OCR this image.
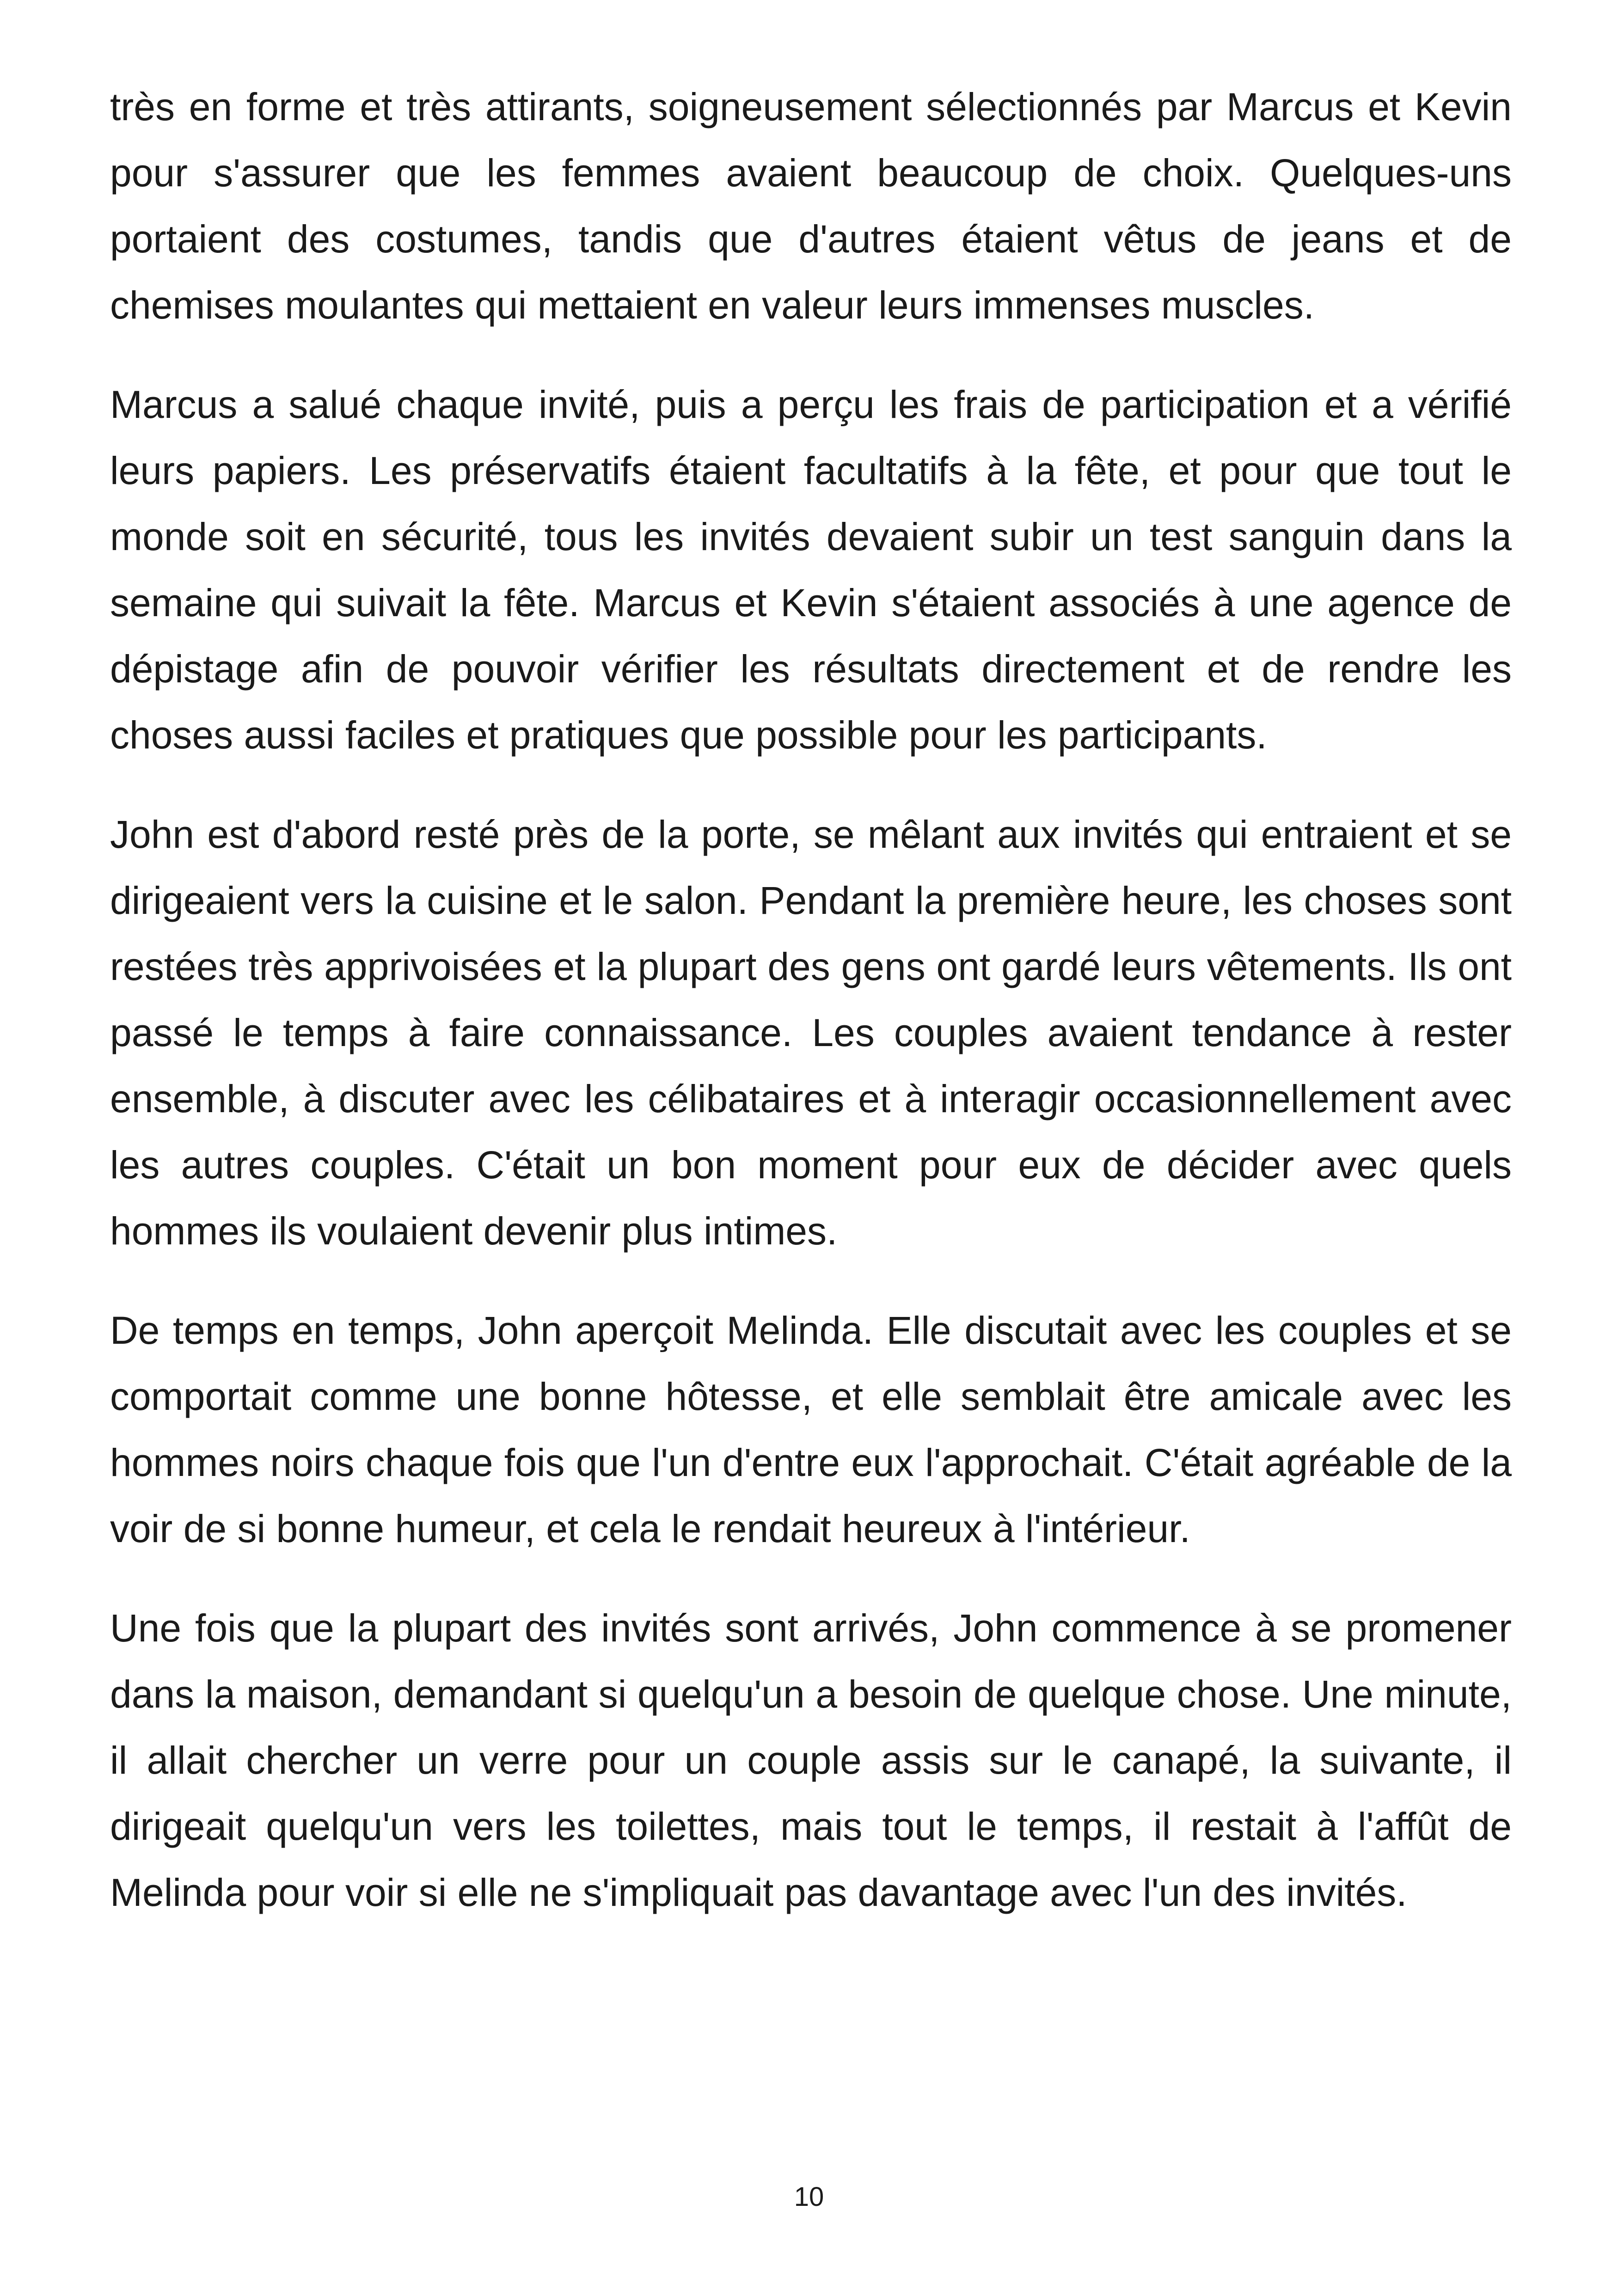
très en forme et très attirants, soigneusement sélectionnés par Marcus et Kevin pour s'assurer que les femmes avaient beaucoup de choix. Quelques-uns portaient des costumes, tandis que d'autres étaient vêtus de jeans et de chemises moulantes qui mettaient en valeur leurs immenses muscles.

Marcus a salué chaque invité, puis a perçu les frais de participation et a vérifié leurs papiers. Les préservatifs étaient facultatifs à la fête, et pour que tout le monde soit en sécurité, tous les invités devaient subir un test sanguin dans la semaine qui suivait la fête. Marcus et Kevin s'étaient associés à une agence de dépistage afin de pouvoir vérifier les résultats directement et de rendre les choses aussi faciles et pratiques que possible pour les participants.

John est d'abord resté près de la porte, se mêlant aux invités qui entraient et se dirigeaient vers la cuisine et le salon. Pendant la première heure, les choses sont restées très apprivoisées et la plupart des gens ont gardé leurs vêtements. Ils ont passé le temps à faire connaissance. Les couples avaient tendance à rester ensemble, à discuter avec les célibataires et à interagir occasionnellement avec les autres couples. C'était un bon moment pour eux de décider avec quels hommes ils voulaient devenir plus intimes.

De temps en temps, John aperçoit Melinda. Elle discutait avec les couples et se comportait comme une bonne hôtesse, et elle semblait être amicale avec les hommes noirs chaque fois que l'un d'entre eux l'approchait. C'était agréable de la voir de si bonne humeur, et cela le rendait heureux à l'intérieur.

Une fois que la plupart des invités sont arrivés, John commence à se promener dans la maison, demandant si quelqu'un a besoin de quelque chose. Une minute, il allait chercher un verre pour un couple assis sur le canapé, la suivante, il dirigeait quelqu'un vers les toilettes, mais tout le temps, il restait à l'affût de Melinda pour voir si elle ne s'impliquait pas davantage avec l'un des invités.

10
